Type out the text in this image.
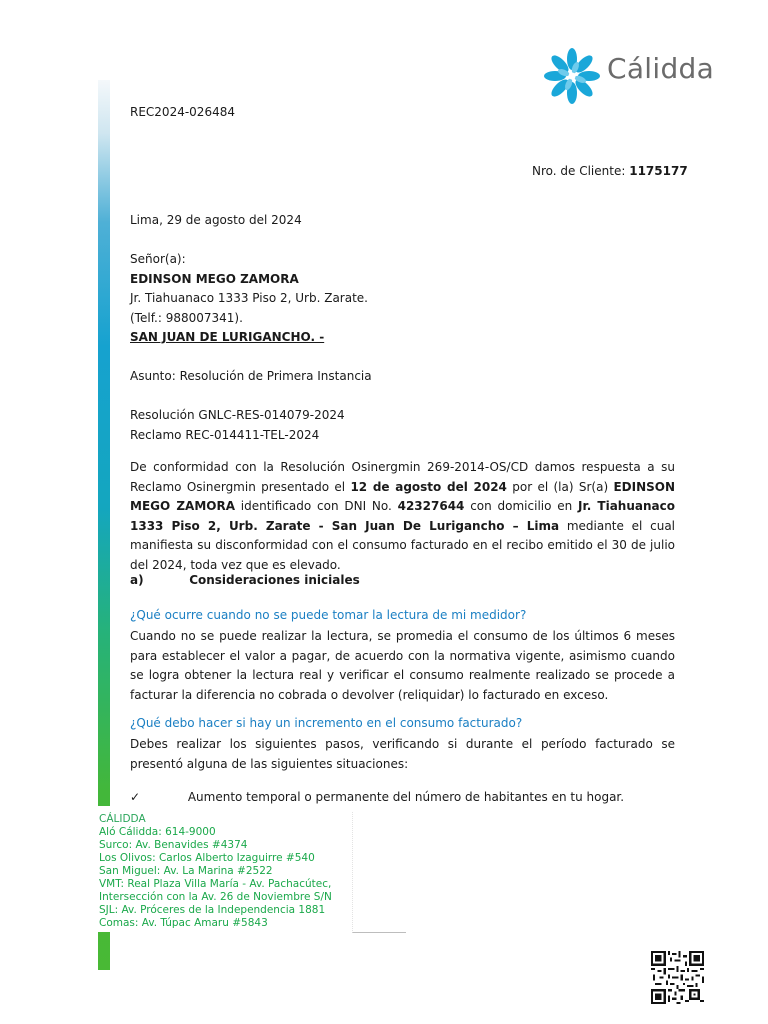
Cálidda
REC2024-026484
Nro. de Cliente: 1175177
Lima, 29 de agosto del 2024
Señor(a):
EDINSON MEGO ZAMORA
Jr. Tiahuanaco 1333 Piso 2, Urb. Zarate.
(Telf.: 988007341).
SAN JUAN DE LURIGANCHO. -
Asunto: Resolución de Primera Instancia
Resolución GNLC-RES-014079-2024
Reclamo REC-014411-TEL-2024
De conformidad con la Resolución Osinergmin 269-2014-OS/CD damos respuesta a su Reclamo Osinergmin presentado el 12 de agosto del 2024 por el (la) Sr(a) EDINSON MEGO ZAMORA identificado con DNI No. 42327644 con domicilio en Jr. Tiahuanaco 1333 Piso 2, Urb. Zarate - San Juan De Lurigancho – Lima mediante el cual manifiesta su disconformidad con el consumo facturado en el recibo emitido el 30 de julio del 2024, toda vez que es elevado.
a)	Consideraciones iniciales
¿Qué ocurre cuando no se puede tomar la lectura de mi medidor?
Cuando no se puede realizar la lectura, se promedia el consumo de los últimos 6 meses para establecer el valor a pagar, de acuerdo con la normativa vigente, asimismo cuando se logra obtener la lectura real y verificar el consumo realmente realizado se procede a facturar la diferencia no cobrada o devolver (reliquidar) lo facturado en exceso.
¿Qué debo hacer si hay un incremento en el consumo facturado?
Debes realizar los siguientes pasos, verificando si durante el período facturado se presentó alguna de las siguientes situaciones:
✓	Aumento temporal o permanente del número de habitantes en tu hogar.
CÁLIDDA
Aló Cálidda: 614-9000
Surco: Av. Benavides #4374
Los Olivos: Carlos Alberto Izaguirre #540
San Miguel: Av. La Marina #2522
VMT: Real Plaza Villa María - Av. Pachacútec,
Intersección con la Av. 26 de Noviembre S/N
SJL: Av. Próceres de la Independencia 1881
Comas: Av. Túpac Amaru #5843
